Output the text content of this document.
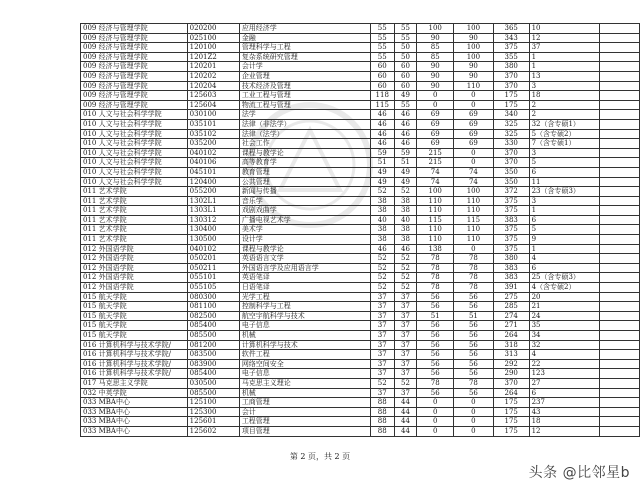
009 经济与管理学院	020200	应用经济学	55	55	100	100	365	10	
009 经济与管理学院	025100	金融	55	55	90	90	343	12	
009 经济与管理学院	120100	管理科学与工程	55	50	85	100	375	37	
009 经济与管理学院	1201Z2	复杂系统研究管理	55	50	85	100	355	1	
009 经济与管理学院	120201	会计学	60	60	90	90	380	1	
009 经济与管理学院	120202	企业管理	60	60	90	90	370	13	
009 经济与管理学院	120204	技术经济及管理	60	60	90	110	370	3	
009 经济与管理学院	125603	工业工程与管理	118	49	0	0	175	18	
009 经济与管理学院	125604	物流工程与管理	115	55	0	0	175	2	
010 人文与社会科学学院	030100	法学	46	46	69	69	340	2	
010 人文与社会科学学院	035101	法律（非法学）	46	46	69	69	325	32（含专硕1）	
010 人文与社会科学学院	035102	法律（法学）	46	46	69	69	325	5（含专硕2）	
010 人文与社会科学学院	035200	社会工作	46	46	69	69	330	7（含专硕1）	
010 人文与社会科学学院	040102	课程与教学论	59	59	215	0	370	3	
010 人文与社会科学学院	040106	高等教育学	51	51	215	0	370	5	
010 人文与社会科学学院	045101	教育管理	49	49	74	74	350	6	
010 人文与社会科学学院	120400	公共管理	49	49	74	74	350	11	
011 艺术学院	055200	新闻与传播	52	52	100	100	372	23（含专硕3）	
011 艺术学院	1302L1	音乐学	38	38	110	110	375	3	
011 艺术学院	1303L1	戏剧戏曲学	38	38	110	110	375	1	
011 艺术学院	130312	广播电视艺术学	40	40	115	115	383	6	
011 艺术学院	130400	美术学	38	38	110	110	375	5	
011 艺术学院	130500	设计学	38	38	110	110	375	9	
012 外国语学院	040102	课程与教学论	46	46	138	0	375	1	
012 外国语学院	050201	英语语言文学	52	52	78	78	380	4	
012 外国语学院	050211	外国语言学及应用语言学	52	52	78	78	383	6	
012 外国语学院	055101	英语笔译	52	52	78	78	383	25（含专硕3）	
012 外国语学院	055105	日语笔译	52	52	78	78	391	4（含专硕2）	
015 航天学院	080300	光学工程	37	37	56	56	275	20	
015 航天学院	081100	控制科学与工程	37	37	56	56	285	21	
015 航天学院	082500	航空宇航科学与技术	37	37	51	51	274	24	
015 航天学院	085400	电子信息	37	37	56	56	271	35	
015 航天学院	085500	机械	37	37	56	56	264	34	
016 计算机科学与技术学院/	081200	计算机科学与技术	37	37	56	56	318	32	
016 计算机科学与技术学院/	083500	软件工程	37	37	56	56	313	4	
016 计算机科学与技术学院/	083900	网络空间安全	37	37	56	56	292	22	
016 计算机科学与技术学院/	085400	电子信息	37	37	56	56	290	123	
017 马克思主义学院	030500	马克思主义理论	52	52	78	78	370	27	
032 中英学院	085500	机械	37	37	56	56	264	6	
033 MBA中心	125100	工商管理	88	44	0	0	175	237	
033 MBA中心	125300	会计	88	44	0	0	175	43	
033 MBA中心	125601	工程管理	88	44	0	0	175	18	
033 MBA中心	125602	项目管理	88	44	0	0	175	12	
第 2 页，共 2 页
头条 @比邻星b
